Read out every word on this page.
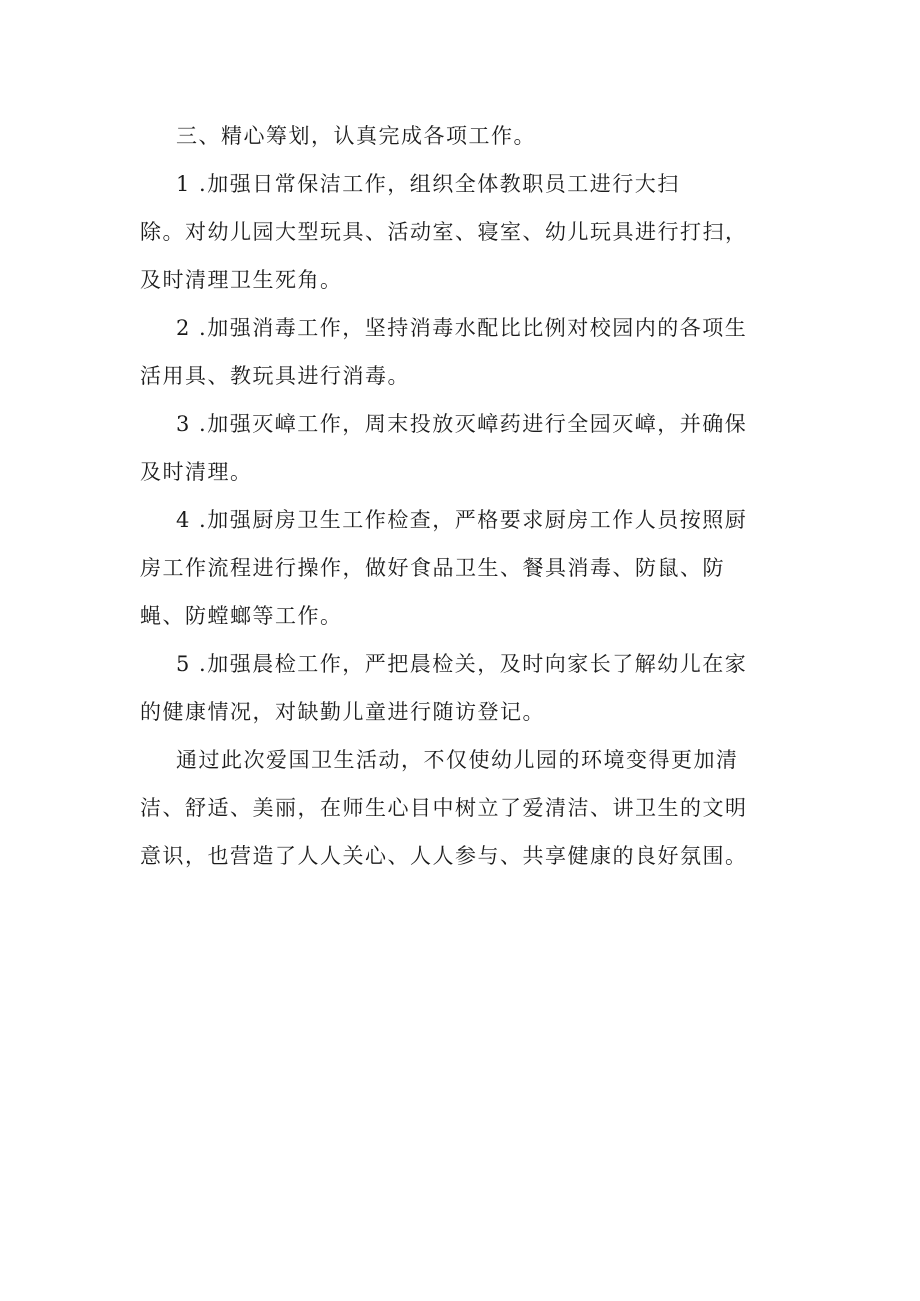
三、精心筹划，认真完成各项工作。
1 .加强日常保洁工作，组织全体教职员工进行大扫
除。对幼儿园大型玩具、活动室、寝室、幼儿玩具进行打扫，
及时清理卫生死角。
2 .加强消毒工作，坚持消毒水配比比例对校园内的各项生
活用具、教玩具进行消毒。
3 .加强灭嶂工作，周末投放灭嶂药进行全园灭嶂，并确保
及时清理。
4 .加强厨房卫生工作检查，严格要求厨房工作人员按照厨
房工作流程进行操作，做好食品卫生、餐具消毒、防鼠、防
蝇、防螳螂等工作。
5 .加强晨检工作，严把晨检关，及时向家长了解幼儿在家
的健康情况，对缺勤儿童进行随访登记。
通过此次爱国卫生活动，不仅使幼儿园的环境变得更加清
洁、舒适、美丽，在师生心目中树立了爱清洁、讲卫生的文明
意识，也营造了人人关心、人人参与、共享健康的良好氛围。
